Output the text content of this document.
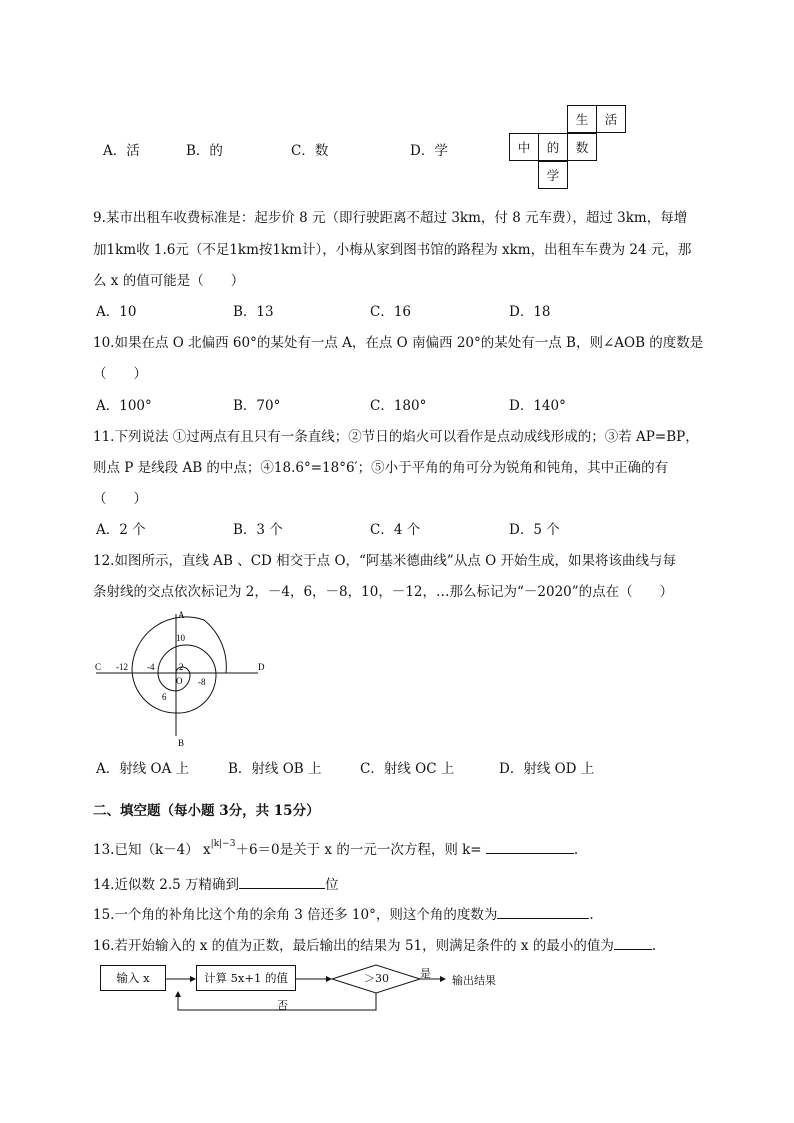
A．活	B．的	C．数	D．学
生	活
中	的	数
学
9.某市出租车收费标准是：起步价 8 元（即行驶距离不超过 3km，付 8 元车费），超过 3km，每增
加1km收 1.6元（不足1km按1km计），小梅从家到图书馆的路程为 xkm，出租车车费为 24 元，那
么 x 的值可能是（　　）
A．10	B．13	C．16	D．18
10.如果在点 O 北偏西 60°的某处有一点 A，在点 O 南偏西 20°的某处有一点 B，则∠AOB 的度数是
（　　）
A．100°	B．70°	C．180°	D．140°
11.下列说法 ①过两点有且只有一条直线；②节日的焰火可以看作是点动成线形成的；③若 AP=BP，
则点 P 是线段 AB 的中点；④18.6°=18°6′；⑤小于平角的角可分为锐角和钝角，其中正确的有
（　　）
A．2 个	B．3 个	C．4 个	D．5 个
12.如图所示，直线 AB 、CD 相交于点 O，“阿基米德曲线”从点 O 开始生成，如果将该曲线与每
条射线的交点依次标记为 2，－4，6，－8，10，－12，…那么标记为“－2020”的点在（　　）
A
B
C	D
O
2
-4
6
-8
10
-12
A．射线 OA 上	B．射线 OB 上	C．射线 OC 上	D．射线 OD 上
二、填空题（每小题 3分，共 15分）
13.已知（k－4） $x^{|k|-3}+6=0$是关于 x 的一元一次方程，则 k=	.
14.近似数 2.5 万精确到	位
15.一个角的补角比这个角的余角 3 倍还多 10°，则这个角的度数为	.
16.若开始输入的 x 的值为正数，最后输出的结果为 51，则满足条件的 x 的最小的值为	.
输入 x	计算 5x+1 的值	＞30	是
否
输出结果
